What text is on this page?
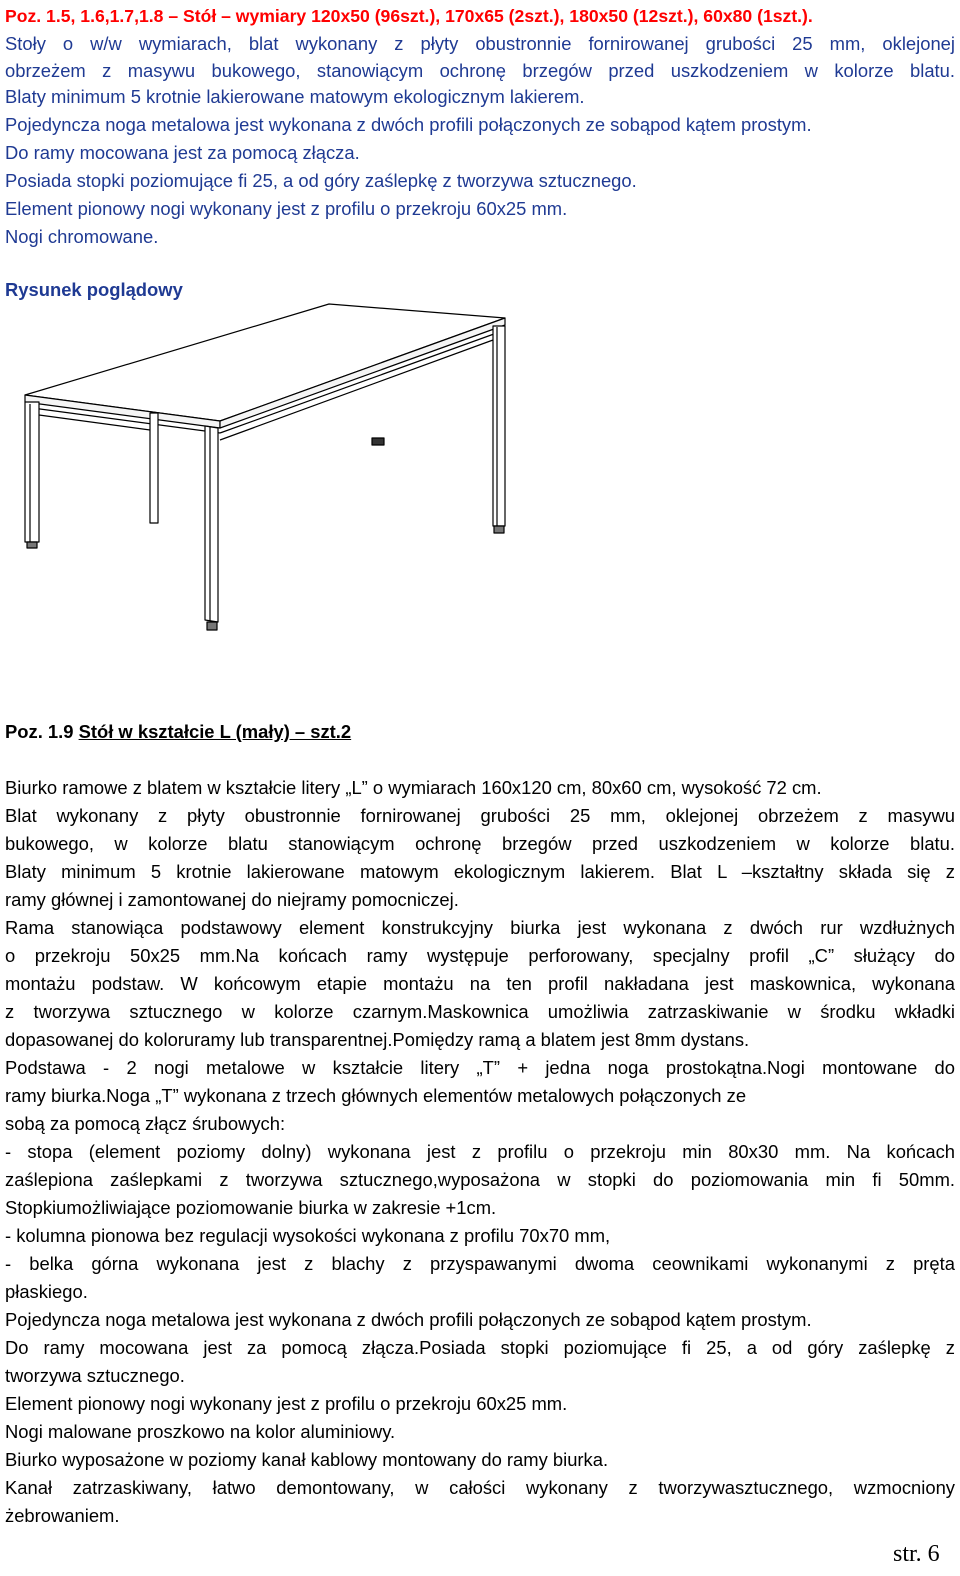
Poz. 1.5, 1.6,1.7,1.8 – Stół – wymiary 120x50 (96szt.), 170x65 (2szt.), 180x50 (12szt.), 60x80 (1szt.).
Stoły o w/w wymiarach, blat wykonany z płyty obustronnie fornirowanej grubości 25 mm, oklejonej
obrzeżem z masywu bukowego, stanowiącym ochronę brzegów przed uszkodzeniem w kolorze blatu.
Blaty minimum 5 krotnie lakierowane matowym ekologicznym lakierem.
Pojedyncza noga metalowa jest wykonana z dwóch profili połączonych ze sobąpod kątem prostym.
Do ramy mocowana jest za pomocą złącza.
Posiada stopki poziomujące fi 25, a od góry zaślepkę z tworzywa sztucznego.
Element pionowy nogi wykonany jest z profilu o przekroju 60x25 mm.
Nogi chromowane.
Rysunek poglądowy
Poz. 1.9 Stół w kształcie L (mały) – szt.2
Biurko ramowe z blatem w kształcie litery „L” o wymiarach 160x120 cm, 80x60 cm, wysokość 72 cm.
Blat wykonany z płyty obustronnie fornirowanej grubości 25 mm, oklejonej obrzeżem z masywu
bukowego, w kolorze blatu stanowiącym ochronę brzegów przed uszkodzeniem w kolorze blatu.
Blaty minimum 5 krotnie lakierowane matowym ekologicznym lakierem. Blat L –kształtny składa się z
ramy głównej i zamontowanej do niejramy pomocniczej.
Rama stanowiąca podstawowy element konstrukcyjny biurka jest wykonana z dwóch rur wzdłużnych
o przekroju 50x25 mm.Na końcach ramy występuje perforowany, specjalny profil „C” służący do
montażu podstaw. W końcowym etapie montażu na ten profil nakładana jest maskownica, wykonana
z tworzywa sztucznego w kolorze czarnym.Maskownica umożliwia zatrzaskiwanie w środku wkładki
dopasowanej do koloruramy lub transparentnej.Pomiędzy ramą a blatem jest 8mm dystans.
Podstawa - 2 nogi metalowe w kształcie litery „T” + jedna noga prostokątna.Nogi montowane do
ramy biurka.Noga „T” wykonana z trzech głównych elementów metalowych połączonych ze
sobą za pomocą złącz śrubowych:
- stopa (element poziomy dolny) wykonana jest z profilu o przekroju min 80x30 mm. Na końcach
zaślepiona zaślepkami z tworzywa sztucznego,wyposażona w stopki do poziomowania min fi 50mm.
Stopkiumożliwiające poziomowanie biurka w zakresie +1cm.
- kolumna pionowa bez regulacji wysokości wykonana z profilu 70x70 mm,
- belka górna wykonana jest z blachy z przyspawanymi dwoma ceownikami wykonanymi z pręta
płaskiego.
Pojedyncza noga metalowa jest wykonana z dwóch profili połączonych ze sobąpod kątem prostym.
Do ramy mocowana jest za pomocą złącza.Posiada stopki poziomujące fi 25, a od góry zaślepkę z
tworzywa sztucznego.
Element pionowy nogi wykonany jest z profilu o przekroju 60x25 mm.
Nogi malowane proszkowo na kolor aluminiowy.
Biurko wyposażone w poziomy kanał kablowy montowany do ramy biurka.
Kanał zatrzaskiwany, łatwo demontowany, w całości wykonany z tworzywaszt​ucznego, wzmocniony
żebrowaniem.
str. 6
